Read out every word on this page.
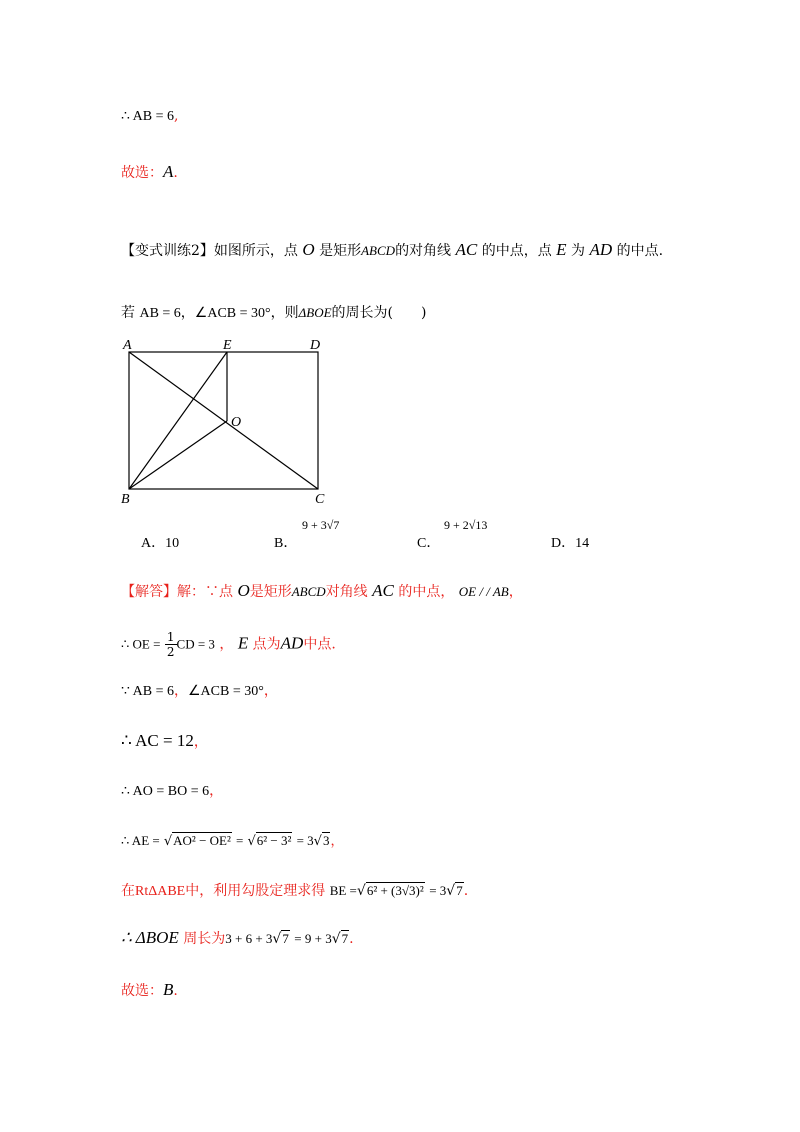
∴ AB = 6,
故选：A.
【变式训练2】如图所示，点 O 是矩形ABCD的对角线 AC 的中点，点 E 为 AD 的中点.
若 AB = 6，∠ACB = 30°，则ΔBOE的周长为(　　)
A	E	D
O
B	C
A．10	B．
9 + 3√7
C．
9 + 2√13
D．14
【解答】解：∵点 O是矩形ABCD对角线 AC 的中点， OE / / AB，
∴ OE = $\frac{1}{2}$ CD = 3 ， E 点为AD中点.
∵ AB = 6，∠ACB = 30°，
∴ AC = 12，
∴ AO = BO = 6，
∴ AE = √AO² − OE² = √6² − 3² = 3√3，
在RtΔABE中，利用勾股定理求得 BE =√6² + (3√3)² = 3√7.
∴ ΔBOE 周长为3 + 6 + 3√7 = 9 + 3√7.
故选：B.
